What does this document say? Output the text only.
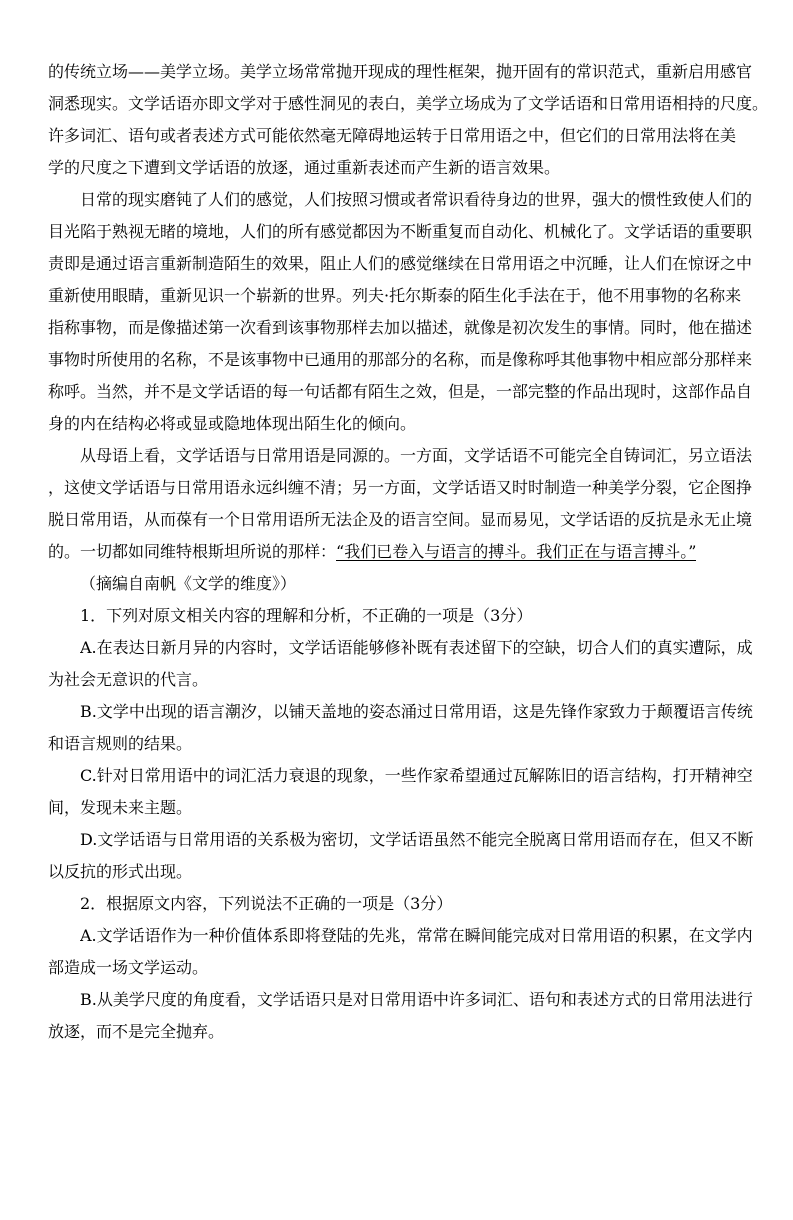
的传统立场——美学立场。美学立场常常抛开现成的理性框架，抛开固有的常识范式，重新启用感官
洞悉现实。文学话语亦即文学对于感性洞见的表白，美学立场成为了文学话语和日常用语相持的尺度。
许多词汇、语句或者表述方式可能依然毫无障碍地运转于日常用语之中，但它们的日常用法将在美
学的尺度之下遭到文学话语的放逐，通过重新表述而产生新的语言效果。
日常的现实磨钝了人们的感觉，人们按照习惯或者常识看待身边的世界，强大的惯性致使人们的
目光陷于熟视无睹的境地，人们的所有感觉都因为不断重复而自动化、机械化了。文学话语的重要职
责即是通过语言重新制造陌生的效果，阻止人们的感觉继续在日常用语之中沉睡，让人们在惊讶之中
重新使用眼睛，重新见识一个崭新的世界。列夫·托尔斯泰的陌生化手法在于，他不用事物的名称来
指称事物，而是像描述第一次看到该事物那样去加以描述，就像是初次发生的事情。同时，他在描述
事物时所使用的名称，不是该事物中已通用的那部分的名称，而是像称呼其他事物中相应部分那样来
称呼。当然，并不是文学话语的每一句话都有陌生之效，但是，一部完整的作品出现时，这部作品自
身的内在结构必将或显或隐地体现出陌生化的倾向。
从母语上看，文学话语与日常用语是同源的。一方面，文学话语不可能完全自铸词汇，另立语法
，这使文学话语与日常用语永远纠缠不清；另一方面，文学话语又时时制造一种美学分裂，它企图挣
脱日常用语，从而葆有一个日常用语所无法企及的语言空间。显而易见，文学话语的反抗是永无止境
的。一切都如同维特根斯坦所说的那样：“我们已卷入与语言的搏斗。我们正在与语言搏斗。”
（摘编自南帆《文学的维度》）
1．下列对原文相关内容的理解和分析，不正确的一项是（3分）
A.在表达日新月异的内容时，文学话语能够修补既有表述留下的空缺，切合人们的真实遭际，成
为社会无意识的代言。
B.文学中出现的语言潮汐，以铺天盖地的姿态涌过日常用语，这是先锋作家致力于颠覆语言传统
和语言规则的结果。
C.针对日常用语中的词汇活力衰退的现象，一些作家希望通过瓦解陈旧的语言结构，打开精神空
间，发现未来主题。
D.文学话语与日常用语的关系极为密切，文学话语虽然不能完全脱离日常用语而存在，但又不断
以反抗的形式出现。
2．根据原文内容，下列说法不正确的一项是（3分）
A.文学话语作为一种价值体系即将登陆的先兆，常常在瞬间能完成对日常用语的积累，在文学内
部造成一场文学运动。
B.从美学尺度的角度看，文学话语只是对日常用语中许多词汇、语句和表述方式的日常用法进行
放逐，而不是完全抛弃。
